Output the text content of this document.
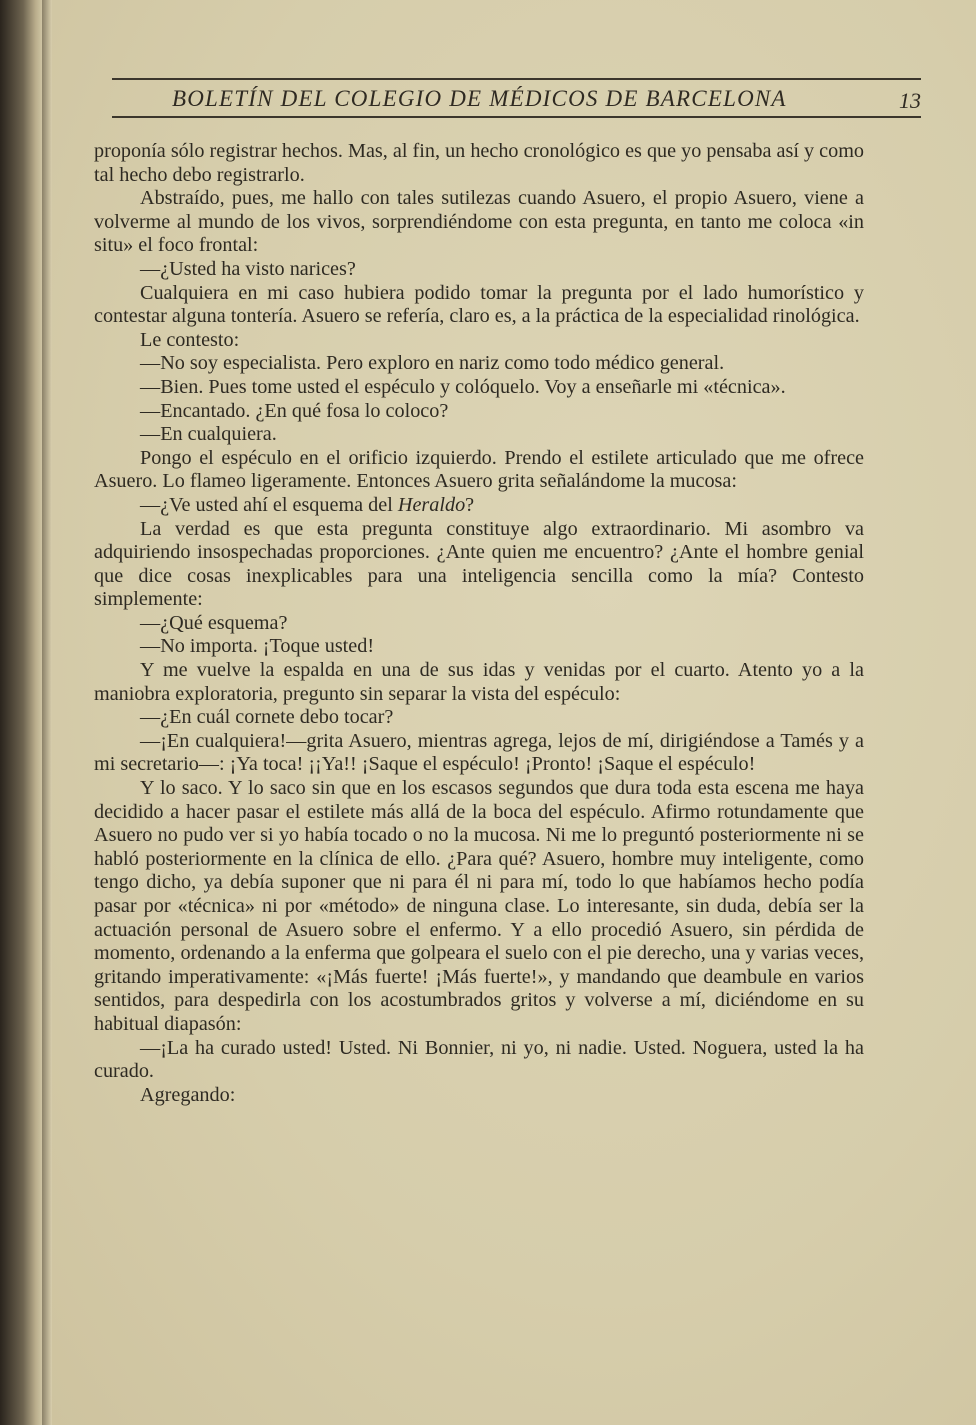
BOLETÍN DEL COLEGIO DE MÉDICOS DE BARCELONA	13

proponía sólo registrar hechos. Mas, al fin, un hecho cronológico es que yo pensaba así y como tal hecho debo registrarlo.

Abstraído, pues, me hallo con tales sutilezas cuando Asuero, el propio Asuero, viene a volverme al mundo de los vivos, sorprendiéndome con esta pregunta, en tanto me coloca «in situ» el foco frontal:

—¿Usted ha visto narices?

Cualquiera en mi caso hubiera podido tomar la pregunta por el lado humorístico y contestar alguna tontería. Asuero se refería, claro es, a la práctica de la especialidad rinológica.

Le contesto:

—No soy especialista. Pero exploro en nariz como todo médico general.

—Bien. Pues tome usted el espéculo y colóquelo. Voy a enseñarle mi «técnica».

—Encantado. ¿En qué fosa lo coloco?

—En cualquiera.

Pongo el espéculo en el orificio izquierdo. Prendo el estilete articulado que me ofrece Asuero. Lo flameo ligeramente. Entonces Asuero grita señalándome la mucosa:

—¿Ve usted ahí el esquema del Heraldo?

La verdad es que esta pregunta constituye algo extraordinario. Mi asombro va adquiriendo insospechadas proporciones. ¿Ante quien me encuentro? ¿Ante el hombre genial que dice cosas inexplicables para una inteligencia sencilla como la mía? Contesto simplemente:

—¿Qué esquema?

—No importa. ¡Toque usted!

Y me vuelve la espalda en una de sus idas y venidas por el cuarto. Atento yo a la maniobra exploratoria, pregunto sin separar la vista del espéculo:

—¿En cuál cornete debo tocar?

—¡En cualquiera!—grita Asuero, mientras agrega, lejos de mí, dirigiéndose a Tamés y a mi secretario—: ¡Ya toca! ¡¡Ya!! ¡Saque el espéculo! ¡Pronto! ¡Saque el espéculo!

Y lo saco. Y lo saco sin que en los escasos segundos que dura toda esta escena me haya decidido a hacer pasar el estilete más allá de la boca del espéculo. Afirmo rotundamente que Asuero no pudo ver si yo había tocado o no la mucosa. Ni me lo preguntó posteriormente ni se habló posteriormente en la clínica de ello. ¿Para qué? Asuero, hombre muy inteligente, como tengo dicho, ya debía suponer que ni para él ni para mí, todo lo que habíamos hecho podía pasar por «técnica» ni por «método» de ninguna clase. Lo interesante, sin duda, debía ser la actuación personal de Asuero sobre el enfermo. Y a ello procedió Asuero, sin pérdida de momento, ordenando a la enferma que golpeara el suelo con el pie derecho, una y varias veces, gritando imperativamente: «¡Más fuerte! ¡Más fuerte!», y mandando que deambule en varios sentidos, para despedirla con los acostumbrados gritos y volverse a mí, diciéndome en su habitual diapasón:

—¡La ha curado usted! Usted. Ni Bonnier, ni yo, ni nadie. Usted. Noguera, usted la ha curado.

Agregando:
